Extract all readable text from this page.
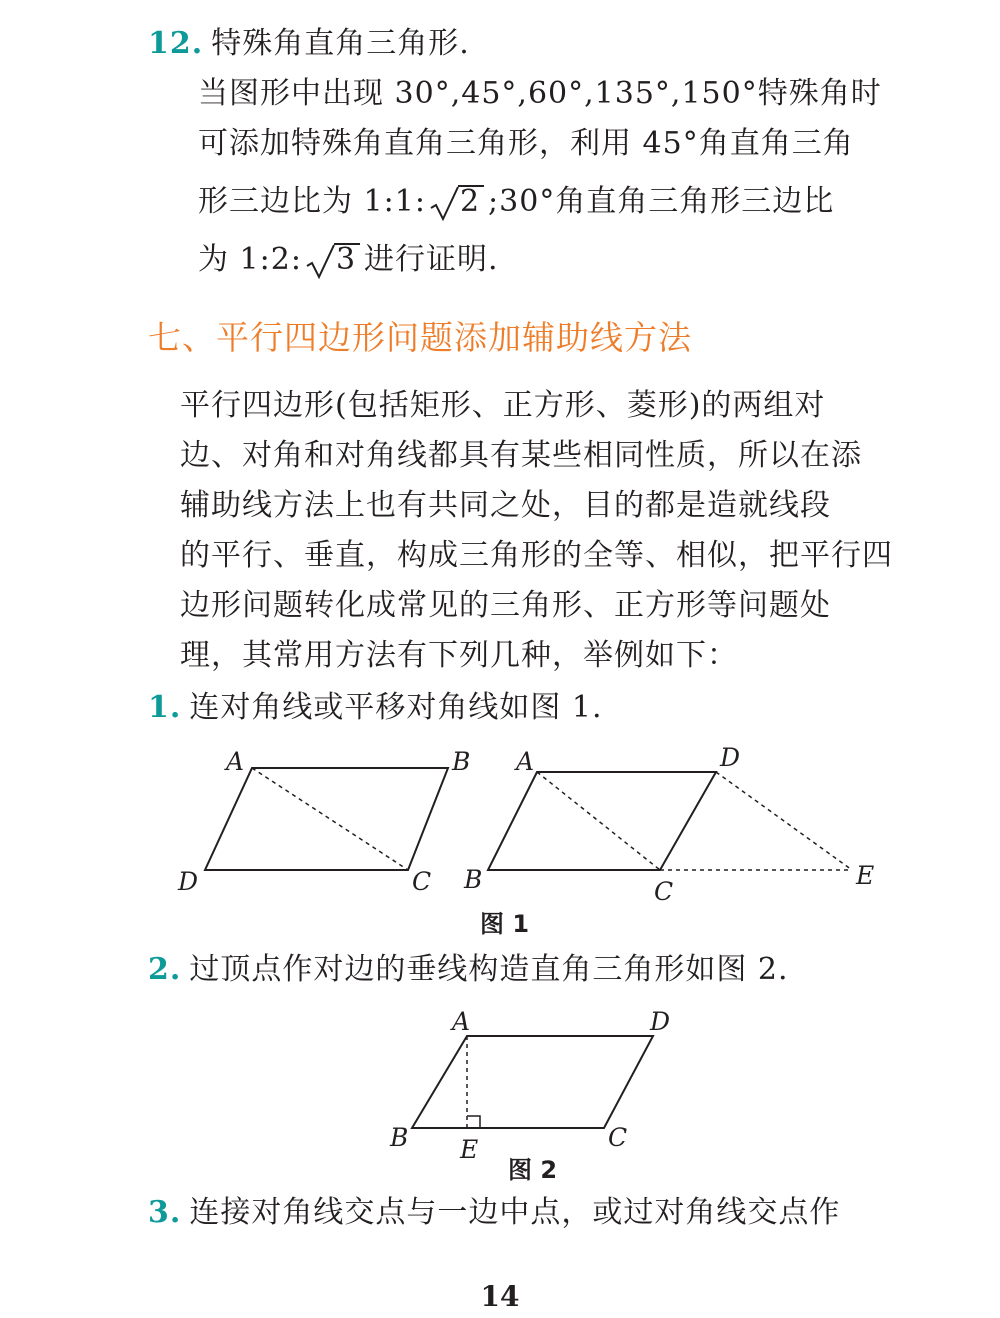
12. 特殊角直角三角形.
当图形中出现 30°,45°,60°,135°,150°特殊角时
可添加特殊角直角三角形，利用 45°角直角三角
形三边比为 1:1: 2 ;30°角直角三角形三边比
为 1:2: 3 进行证明.
七、平行四边形问题添加辅助线方法
平行四边形(包括矩形、正方形、菱形)的两组对
边、对角和对角线都具有某些相同性质，所以在添
辅助线方法上也有共同之处，目的都是造就线段
的平行、垂直，构成三角形的全等、相似，把平行四
边形问题转化成常见的三角形、正方形等问题处
理，其常用方法有下列几种，举例如下：
1. 连对角线或平移对角线如图 1.
A	B
C
D
A	D
B	C
E
图 1
2. 过顶点作对边的垂线构造直角三角形如图 2.
A	D
B E	C
图 2
3. 连接对角线交点与一边中点，或过对角线交点作
14
